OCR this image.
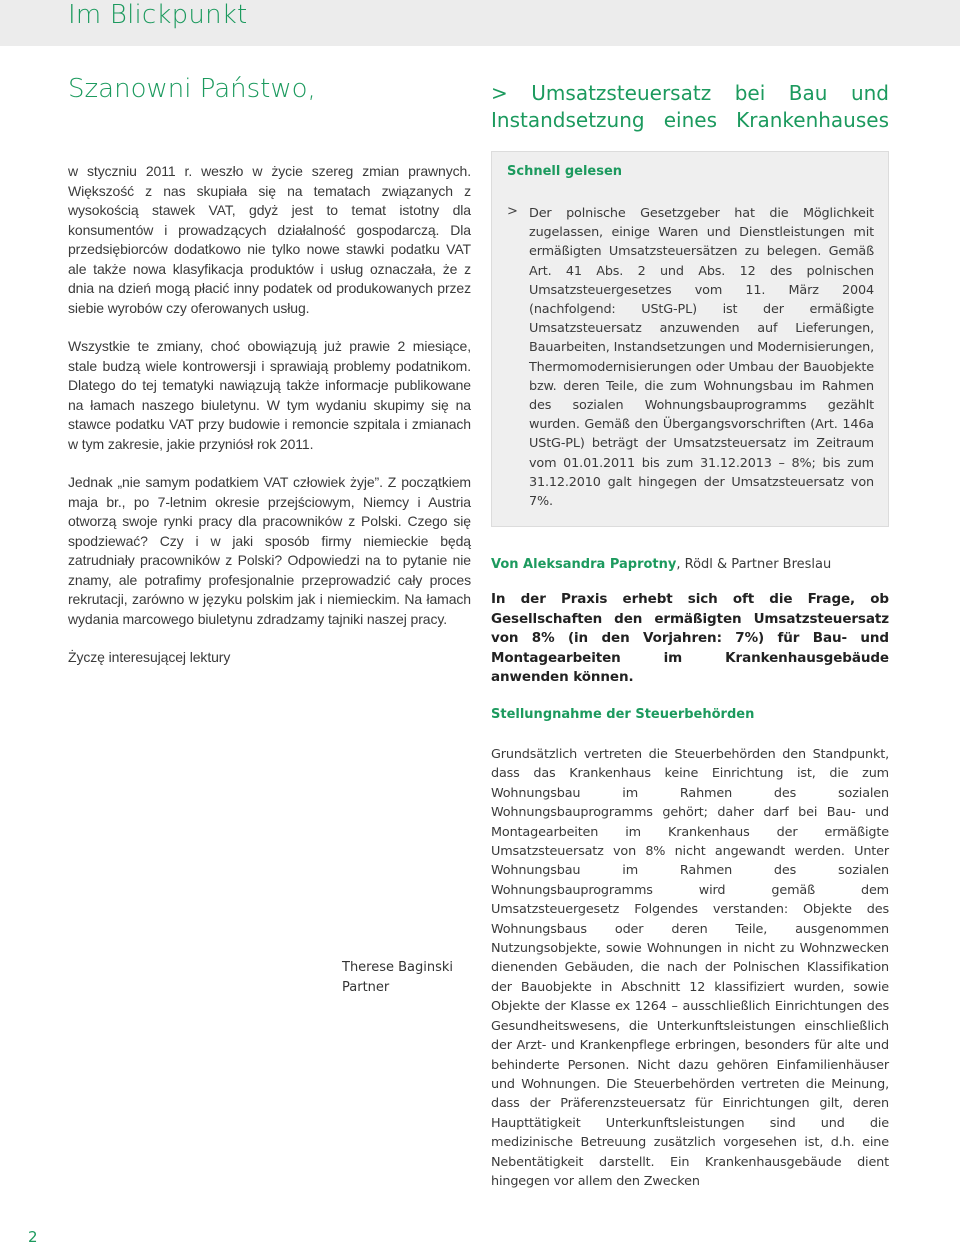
Im Blickpunkt
Szanowni Państwo,	> Umsatzsteuersatz bei Bau und
Instandsetzung eines Krankenhauses

w styczniu 2011 r. weszło w życie szereg zmian prawnych. Większość z nas skupiała się na tematach związanych z wysokością stawek VAT, gdyż jest to temat istotny dla konsumentów i prowadzących działalność gospodarczą. Dla przedsiębiorców dodatkowo nie tylko nowe stawki podatku VAT ale także nowa klasyfikacja produktów i usług oznaczała, że z dnia na dzień mogą płacić inny podatek od produkowanych przez siebie wyrobów czy oferowanych usług.

Wszystkie te zmiany, choć obowiązują już prawie 2 miesiące, stale budzą wiele kontrowersji i sprawiają problemy podatnikom. Dlatego do tej tematyki nawiązują także informacje publikowane na łamach naszego biuletynu. W tym wydaniu skupimy się na stawce podatku VAT przy budowie i remoncie szpitala i zmianach w tym zakresie, jakie przyniósł rok 2011.

Jednak „nie samym podatkiem VAT człowiek żyje”. Z początkiem maja br., po 7-letnim okresie przejściowym, Niemcy i Austria otworzą swoje rynki pracy dla pracowników z Polski. Czego się spodziewać? Czy i w jaki sposób firmy niemieckie będą zatrudniały pracowników z Polski? Odpowiedzi na to pytanie nie znamy, ale potrafimy profesjonalnie przeprowadzić cały proces rekrutacji, zarówno w języku polskim jak i niemieckim. Na łamach wydania marcowego biuletynu zdradzamy tajniki naszej pracy.

Życzę interesującej lektury

Therese Baginski
Partner
Schnell gelesen
> Der polnische Gesetzgeber hat die Möglichkeit zugelassen, einige Waren und Dienstleistungen mit ermäßigten Umsatzsteuersätzen zu belegen. Gemäß Art. 41 Abs. 2 und Abs. 12 des polnischen Umsatzsteuergesetzes vom 11. März 2004 (nachfolgend: UStG-PL) ist der ermäßigte Umsatzsteuersatz anzuwenden auf Lieferungen, Bauarbeiten, Instandsetzungen und Modernisierungen, Thermomodernisierungen oder Umbau der Bauobjekte bzw. deren Teile, die zum Wohnungsbau im Rahmen des sozialen Wohnungsbauprogramms gezählt wurden. Gemäß den Übergangsvorschriften (Art. 146a UStG-PL) beträgt der Umsatzsteuersatz im Zeitraum vom 01.01.2011 bis zum 31.12.2013 – 8%; bis zum 31.12.2010 galt hingegen der Umsatzsteuersatz von 7%.
Von Aleksandra Paprotny, Rödl & Partner Breslau
In der Praxis erhebt sich oft die Frage, ob Gesellschaften den ermäßigten Umsatzsteuersatz von 8% (in den Vorjahren: 7%) für Bau- und Montagearbeiten im Krankenhausgebäude anwenden können.
Stellungnahme der Steuerbehörden
Grundsätzlich vertreten die Steuerbehörden den Standpunkt, dass das Krankenhaus keine Einrichtung ist, die zum Wohnungsbau im Rahmen des sozialen Wohnungsbauprogramms gehört; daher darf bei Bau- und Montagearbeiten im Krankenhaus der ermäßigte Umsatzsteuersatz von 8% nicht angewandt werden. Unter Wohnungsbau im Rahmen des sozialen Wohnungsbauprogramms wird gemäß dem Umsatzsteuergesetz Folgendes verstanden: Objekte des Wohnungsbaus oder deren Teile, ausgenommen Nutzungsobjekte, sowie Wohnungen in nicht zu Wohnzwecken dienenden Gebäuden, die nach der Polnischen Klassifikation der Bauobjekte in Abschnitt 12 klassifiziert wurden, sowie Objekte der Klasse ex 1264 – ausschließlich Einrichtungen des Gesundheitswesens, die Unterkunftsleistungen einschließlich der Arzt- und Krankenpflege erbringen, besonders für alte und behinderte Personen. Nicht dazu gehören Einfamilienhäuser und Wohnungen. Die Steuerbehörden vertreten die Meinung, dass der Präferenzsteuersatz für Einrichtungen gilt, deren Haupttätigkeit Unterkunftsleistungen sind und die medizinische Betreuung zusätzlich vorgesehen ist, d.h. eine Nebentätigkeit darstellt. Ein Krankenhausgebäude dient hingegen vor allem den Zwecken
2
